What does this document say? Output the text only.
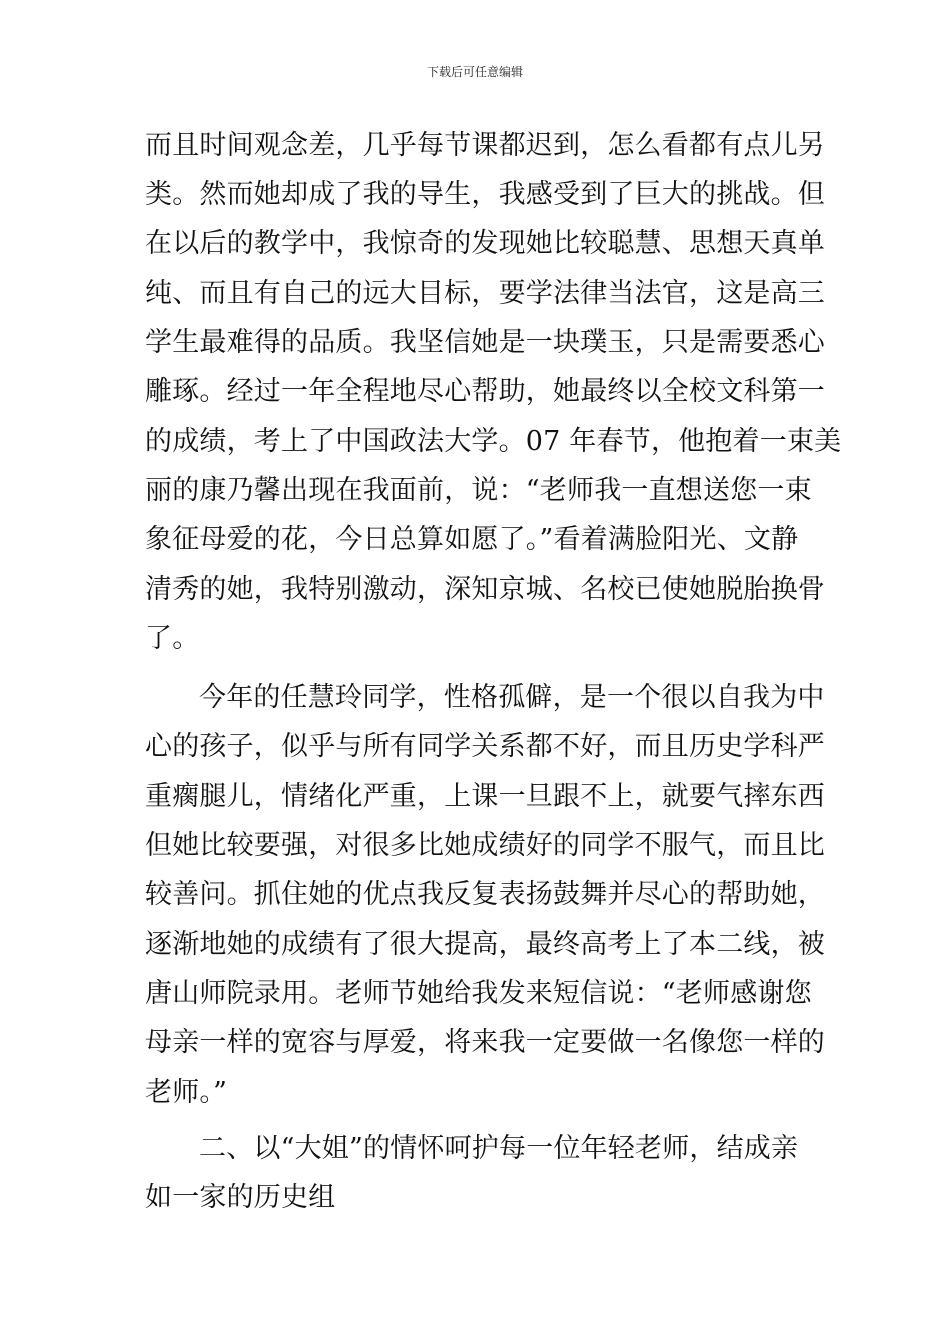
下载后可任意编辑
而且时间观念差，几乎每节课都迟到，怎么看都有点儿另
类。然而她却成了我的导生，我感受到了巨大的挑战。但
在以后的教学中，我惊奇的发现她比较聪慧、思想天真单
纯、而且有自己的远大目标，要学法律当法官，这是高三
学生最难得的品质。我坚信她是一块璞玉，只是需要悉心
雕琢。经过一年全程地尽心帮助，她最终以全校文科第一
的成绩，考上了中国政法大学。07 年春节，他抱着一束美
丽的康乃馨出现在我面前，说：“老师我一直想送您一束
象征母爱的花，今日总算如愿了。”看着满脸阳光、文静
清秀的她，我特别激动，深知京城、名校已使她脱胎换骨
了。
今年的任慧玲同学，性格孤僻，是一个很以自我为中
心的孩子，似乎与所有同学关系都不好，而且历史学科严
重瘸腿儿，情绪化严重，上课一旦跟不上，就要气摔东西
但她比较要强，对很多比她成绩好的同学不服气，而且比
较善问。抓住她的优点我反复表扬鼓舞并尽心的帮助她，
逐渐地她的成绩有了很大提高，最终高考上了本二线，被
唐山师院录用。老师节她给我发来短信说：“老师感谢您
母亲一样的宽容与厚爱，将来我一定要做一名像您一样的
老师。”
二、以“大姐”的情怀呵护每一位年轻老师，结成亲
如一家的历史组
